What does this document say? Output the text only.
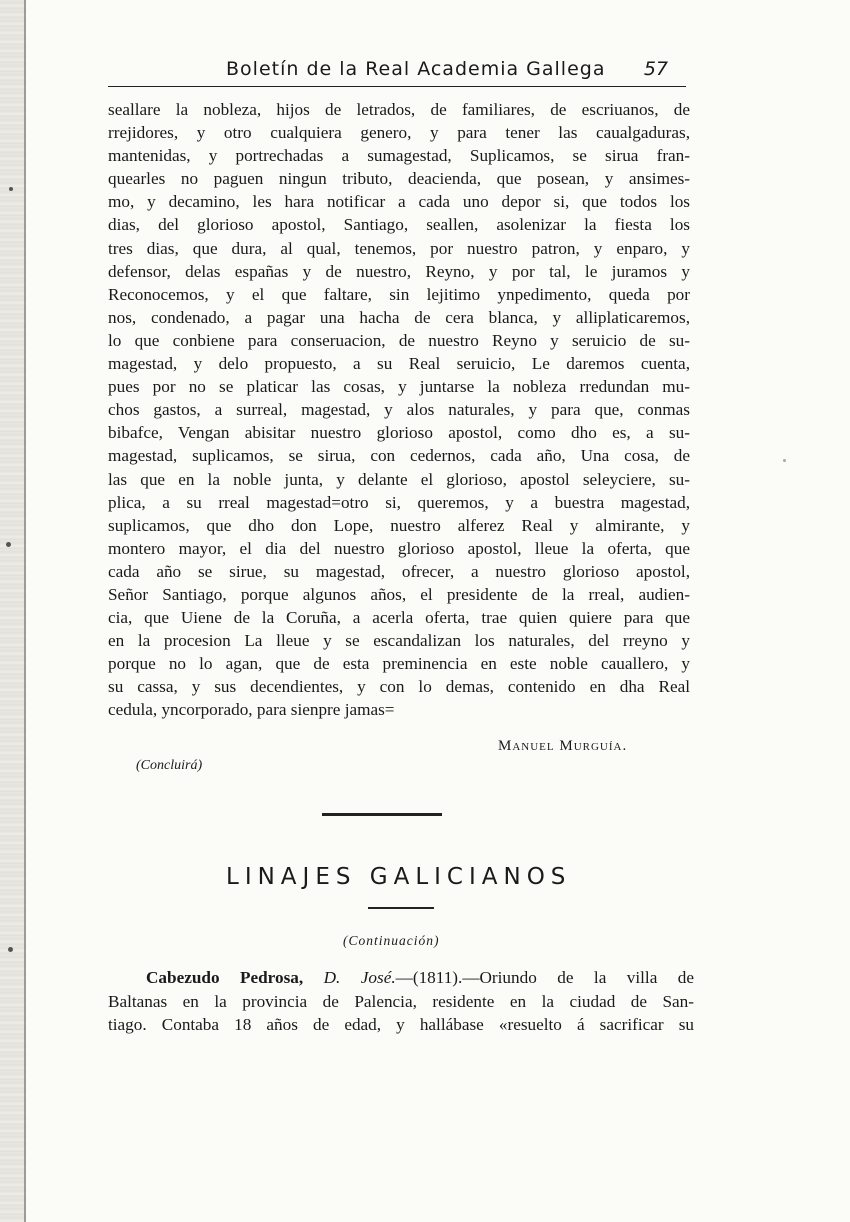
Boletín de la Real Academia Gallega 57
seallare la nobleza, hijos de letrados, de familiares, de escriuanos, de
rrejidores, y otro cualquiera genero, y para tener las caualgaduras,
mantenidas, y portrechadas a sumagestad, Suplicamos, se sirua fran-
quearles no paguen ningun tributo, deacienda, que posean, y ansimes-
mo, y decamino, les hara notificar a cada uno depor si, que todos los
dias, del glorioso apostol, Santiago, seallen, asolenizar la fiesta los
tres dias, que dura, al qual, tenemos, por nuestro patron, y enparo, y
defensor, delas españas y de nuestro, Reyno, y por tal, le juramos y
Reconocemos, y el que faltare, sin lejitimo ynpedimento, queda por
nos, condenado, a pagar una hacha de cera blanca, y alliplaticaremos,
lo que conbiene para conseruacion, de nuestro Reyno y seruicio de su-
magestad, y delo propuesto, a su Real seruicio, Le daremos cuenta,
pues por no se platicar las cosas, y juntarse la nobleza rredundan mu-
chos gastos, a surreal, magestad, y alos naturales, y para que, conmas
bibafce, Vengan abisitar nuestro glorioso apostol, como dho es, a su-
magestad, suplicamos, se sirua, con cedernos, cada año, Una cosa, de
las que en la noble junta, y delante el glorioso, apostol seleyciere, su-
plica, a su rreal magestad=otro si, queremos, y a buestra magestad,
suplicamos, que dho don Lope, nuestro alferez Real y almirante, y
montero mayor, el dia del nuestro glorioso apostol, lleue la oferta, que
cada año se sirue, su magestad, ofrecer, a nuestro glorioso apostol,
Señor Santiago, porque algunos años, el presidente de la rreal, audien-
cia, que Uiene de la Coruña, a acerla oferta, trae quien quiere para que
en la procesion La lleue y se escandalizan los naturales, del rreyno y
porque no lo agan, que de esta preminencia en este noble cauallero, y
su cassa, y sus decendientes, y con lo demas, contenido en dha Real
cedula, yncorporado, para sienpre jamas=
Manuel Murguía.
(Concluirá)
LINAJES GALICIANOS
(Continuación)
Cabezudo Pedrosa, D. José.—(1811).—Oriundo de la villa de
Baltanas en la provincia de Palencia, residente en la ciudad de San-
tiago. Contaba 18 años de edad, y hallábase «resuelto á sacrificar su
